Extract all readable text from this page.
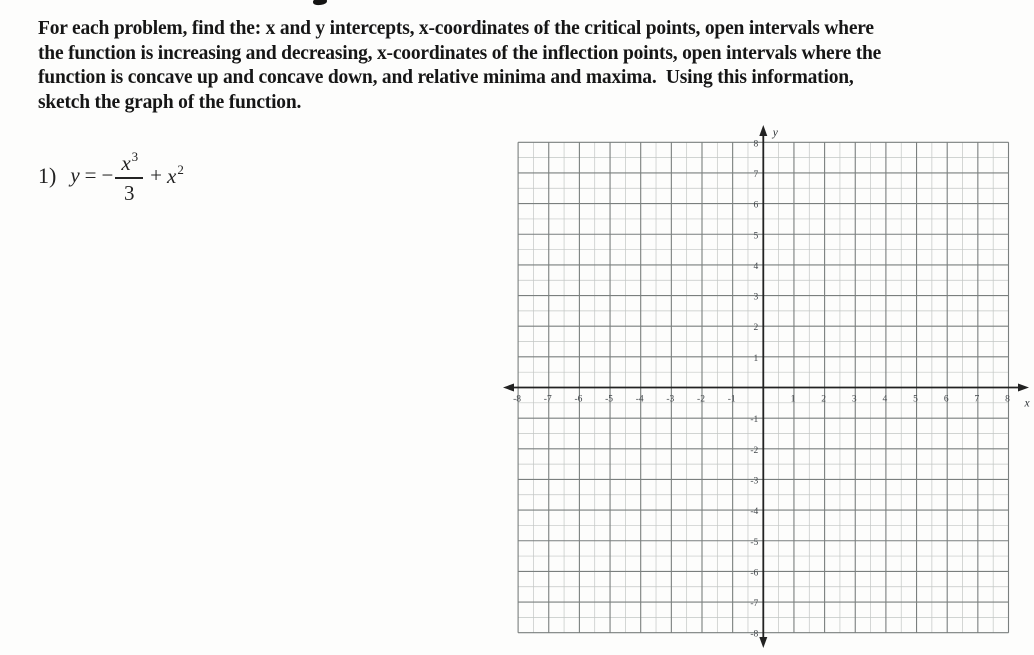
For each problem, find the: x and y intercepts, x-coordinates of the critical points, open intervals where
the function is increasing and decreasing, x-coordinates of the inflection points, open intervals where the
function is concave up and concave down, and relative minima and maxima.  Using this information,
sketch the graph of the function.
1) y = − $\frac{x^3}{3} + x^2$
y
x
-8 -7 -6 -5 -4 -3 -2 -1	1	2	3	4	5	6	7	8
8
7
6
5
4
3
2
1
-1
-2
-3
-4
-5
-6
-7
-8
